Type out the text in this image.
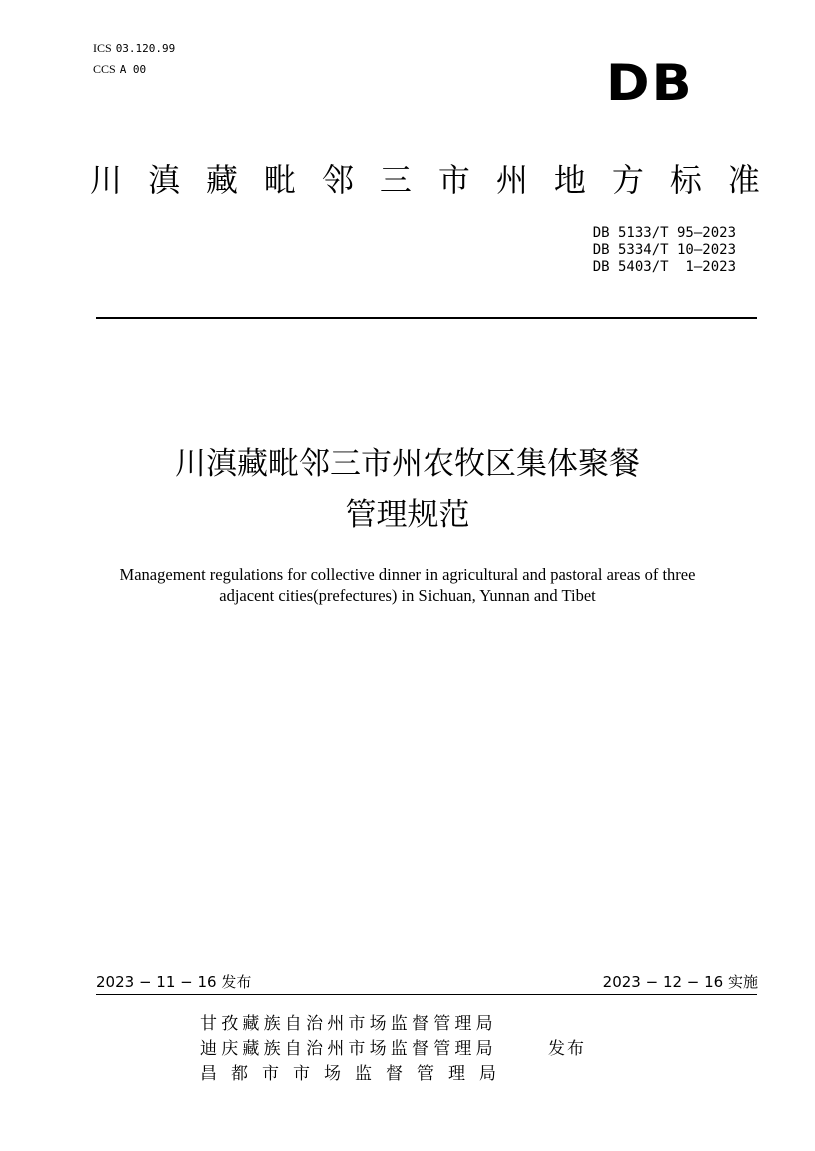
ICS 03.120.99
CCS A 00	DB
川 滇 藏 毗 邻 三 市 州 地 方 标 准
DB 5133/T 95—2023
DB 5334/T 10—2023
DB 5403/T  1—2023
川滇藏毗邻三市州农牧区集体聚餐
管理规范
Management regulations for collective dinner in agricultural and pastoral areas of three adjacent cities(prefectures) in Sichuan, Yunnan and Tibet
2023 − 11 − 16 发布	2023 − 12 − 16 实施
甘孜藏族自治州市场监督管理局
迪庆藏族自治州市场监督管理局
昌 都 市 市 场 监 督 管 理 局
发布
